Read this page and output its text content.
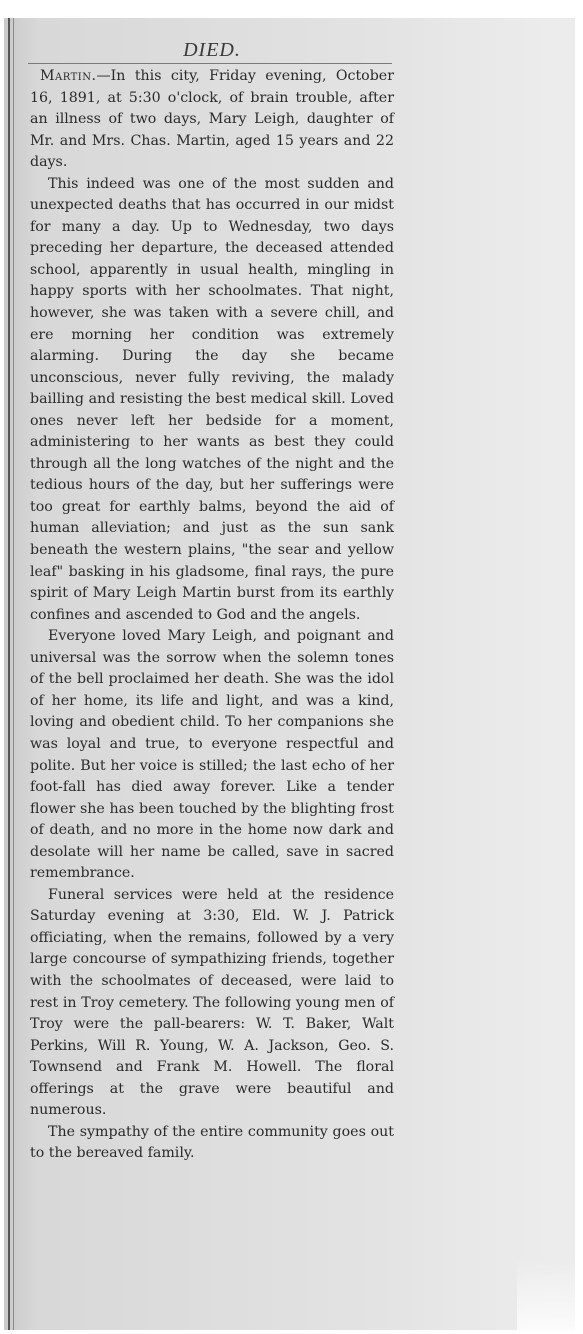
DIED.

Martin.—In this city, Friday evening, October 16, 1891, at 5:30 o'clock, of brain trouble, after an illness of two days, Mary Leigh, daughter of Mr. and Mrs. Chas. Martin, aged 15 years and 22 days.

This indeed was one of the most sudden and unexpected deaths that has occurred in our midst for many a day. Up to Wednesday, two days preceding her departure, the deceased attended school, apparently in usual health, mingling in happy sports with her schoolmates. That night, however, she was taken with a severe chill, and ere morning her condition was extremely alarming. During the day she became unconscious, never fully reviving, the malady bailling and resisting the best medical skill. Loved ones never left her bedside for a moment, administering to her wants as best they could through all the long watches of the night and the tedious hours of the day, but her sufferings were too great for earthly balms, beyond the aid of human alleviation; and just as the sun sank beneath the western plains, "the sear and yellow leaf" basking in his gladsome, final rays, the pure spirit of Mary Leigh Martin burst from its earthly confines and ascended to God and the angels.

Everyone loved Mary Leigh, and poignant and universal was the sorrow when the solemn tones of the bell proclaimed her death. She was the idol of her home, its life and light, and was a kind, loving and obedient child. To her companions she was loyal and true, to everyone respectful and polite. But her voice is stilled; the last echo of her foot-fall has died away forever. Like a tender flower she has been touched by the blighting frost of death, and no more in the home now dark and desolate will her name be called, save in sacred remembrance.

Funeral services were held at the residence Saturday evening at 3:30, Eld. W. J. Patrick officiating, when the remains, followed by a very large concourse of sympathizing friends, together with the schoolmates of deceased, were laid to rest in Troy cemetery. The following young men of Troy were the pall-bearers: W. T. Baker, Walt Perkins, Will R. Young, W. A. Jackson, Geo. S. Townsend and Frank M. Howell. The floral offerings at the grave were beautiful and numerous.

The sympathy of the entire community goes out to the bereaved family.
